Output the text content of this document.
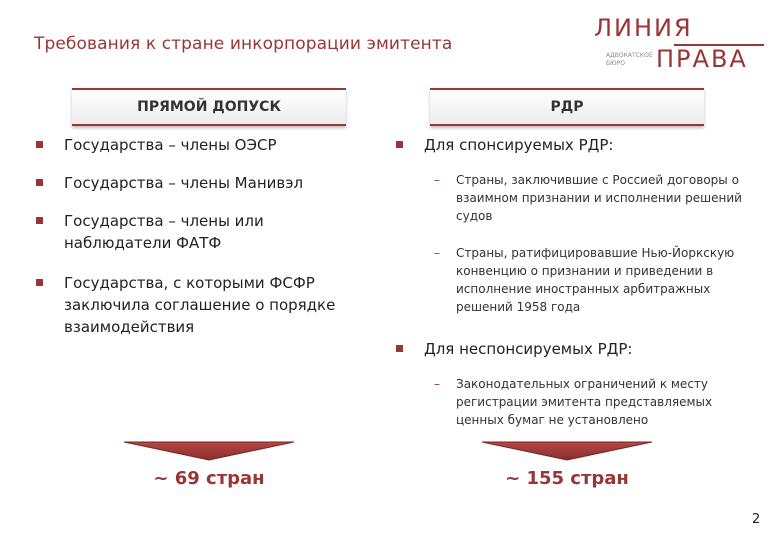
Требования к стране инкорпорации эмитента
ЛИНИЯ
АДВОКАТСКОЕ БЮРО	ПРАВА
ПРЯМОЙ ДОПУСК	РДР
Государства – члены ОЭСР
Государства – члены Манивэл
Государства – члены или наблюдатели ФАТФ
Государства, с которыми ФСФР заключила соглашение о порядке взаимодействия
Для спонсируемых РДР:
– Страны, заключившие с Россией договоры о взаимном признании и исполнении решений судов
– Страны, ратифицировавшие Нью-Йоркскую конвенцию о признании и приведении в исполнение иностранных арбитражных решений 1958 года
Для неспонсируемых РДР:
– Законодательных ограничений к месту регистрации эмитента представляемых ценных бумаг не установлено
~ 69 стран	~ 155 стран
2
